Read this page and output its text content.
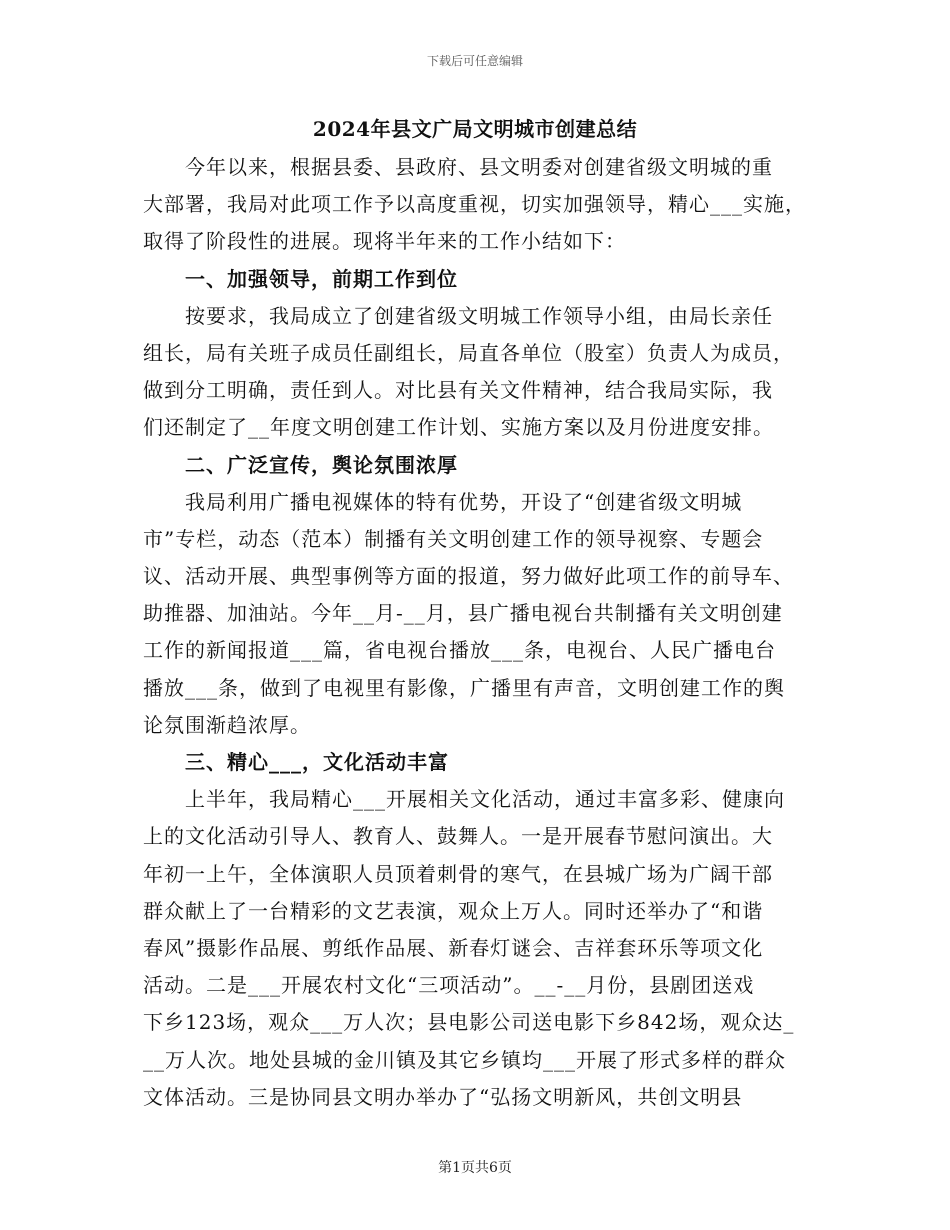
下载后可任意编辑
2024年县文广局文明城市创建总结
今年以来，根据县委、县政府、县文明委对创建省级文明城的重
大部署，我局对此项工作予以高度重视，切实加强领导，精心___实施，
取得了阶段性的进展。现将半年来的工作小结如下：
一、加强领导，前期工作到位
按要求，我局成立了创建省级文明城工作领导小组，由局长亲任
组长，局有关班子成员任副组长，局直各单位（股室）负责人为成员，
做到分工明确，责任到人。对比县有关文件精神，结合我局实际，我
们还制定了__年度文明创建工作计划、实施方案以及月份进度安排。
二、广泛宣传，舆论氛围浓厚
我局利用广播电视媒体的特有优势，开设了“创建省级文明城
市”专栏，动态（范本）制播有关文明创建工作的领导视察、专题会
议、活动开展、典型事例等方面的报道，努力做好此项工作的前导车、
助推器、加油站。今年__月-__月，县广播电视台共制播有关文明创建
工作的新闻报道___篇，省电视台播放___条，电视台、人民广播电台
播放___条，做到了电视里有影像，广播里有声音，文明创建工作的舆
论氛围渐趋浓厚。
三、精心___，文化活动丰富
上半年，我局精心___开展相关文化活动，通过丰富多彩、健康向
上的文化活动引导人、教育人、鼓舞人。一是开展春节慰问演出。大
年初一上午，全体演职人员顶着刺骨的寒气，在县城广场为广阔干部
群众献上了一台精彩的文艺表演，观众上万人。同时还举办了“和谐
春风”摄影作品展、剪纸作品展、新春灯谜会、吉祥套环乐等项文化
活动。二是___开展农村文化“三项活动”。__-__月份，县剧团送戏
下乡123场，观众___万人次；县电影公司送电影下乡842场，观众达_
__万人次。地处县城的金川镇及其它乡镇均___开展了形式多样的群众
文体活动。三是协同县文明办举办了“弘扬文明新风，共创文明县
第1页共6页
